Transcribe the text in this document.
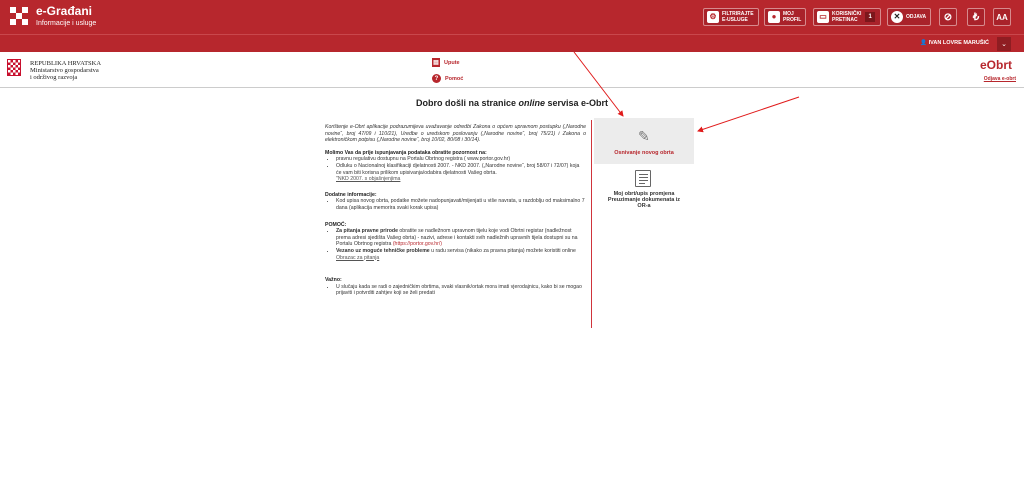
e-Građani
Informacije i usluge
⚙	FILTRIRAJTE
E-USLUGE	●	MOJ
PROFIL ▭	KORISNIČKI
PRETINAC	1	✕	ODJAVA	⊘	₺	AA
👤 IVAN LOVRE MARUŠIĆ	⌄
REPUBLIKA HRVATSKA
Ministarstvo gospodarstva
i održivog razvoja
▤ Upute
?	Pomoć
eObrt
Odjava e-obrt
Dobro došli na stranice online servisa e-Obrt

Korištenje e-Obrt aplikacije podrazumijeva uvažavanje odredbi Zakona o općem upravnom postupku („Narodne novine“, broj 47/09 i 110/21), Uredbe o uredskom poslovanju („Narodne novine“, broj 75/21) i Zakona o elektroničkom potpisu („Narodne novine“, broj 10/02, 80/08 i 30/14).

Molimo Vas da prije ispunjavanja podataka obratite pozornost na:

• pravnu regulativu dostupnu na Portalu Obrtnog registra ( www.portor.gov.hr)
• Odluku o Nacionalnoj klasifikaciji djelatnosti 2007. - NKD 2007. („Narodne novine“, broj 58/07 i 72/07) koja će vam biti korisna prilikom upisivanja/odabira djelatnosti Vašeg obrta.
"NKD 2007. s objašnjenjima

Dodatne informacije:

• Kod upisa novog obrta, podatke možete nadopunjavati/mijenjati u više navrata, u razdoblju od maksimalno 7 dana (aplikacija memorira svaki korak upisa)

POMOĆ:

• Za pitanja pravne prirode obratite se nadležnom upravnom tijelu koje vodi Obrtni registar (nadležnost prema adresi sjedišta Vašeg obrta) - nazivi, adrese i kontakti svih nadležnih upravnih tijela dostupni su na Portalu Obrtnog registra (https://portor.gov.hr/)
• Vezano uz moguće tehničke probleme u radu servisa (nikako za pravna pitanja) možete koristiti online Obrazac za pitanja

Važno:

• U slučaju kada se radi o zajedničkim obrtima, svaki vlasnik/ortak mora imati vjerodajnicu, kako bi se mogao prijaviti i potvrditi zahtjev koji se želi predati
✎
Osnivanje novog obrta
Moj obrt/upis promjena
Preuzimanje dokumenata iz
OR-a
